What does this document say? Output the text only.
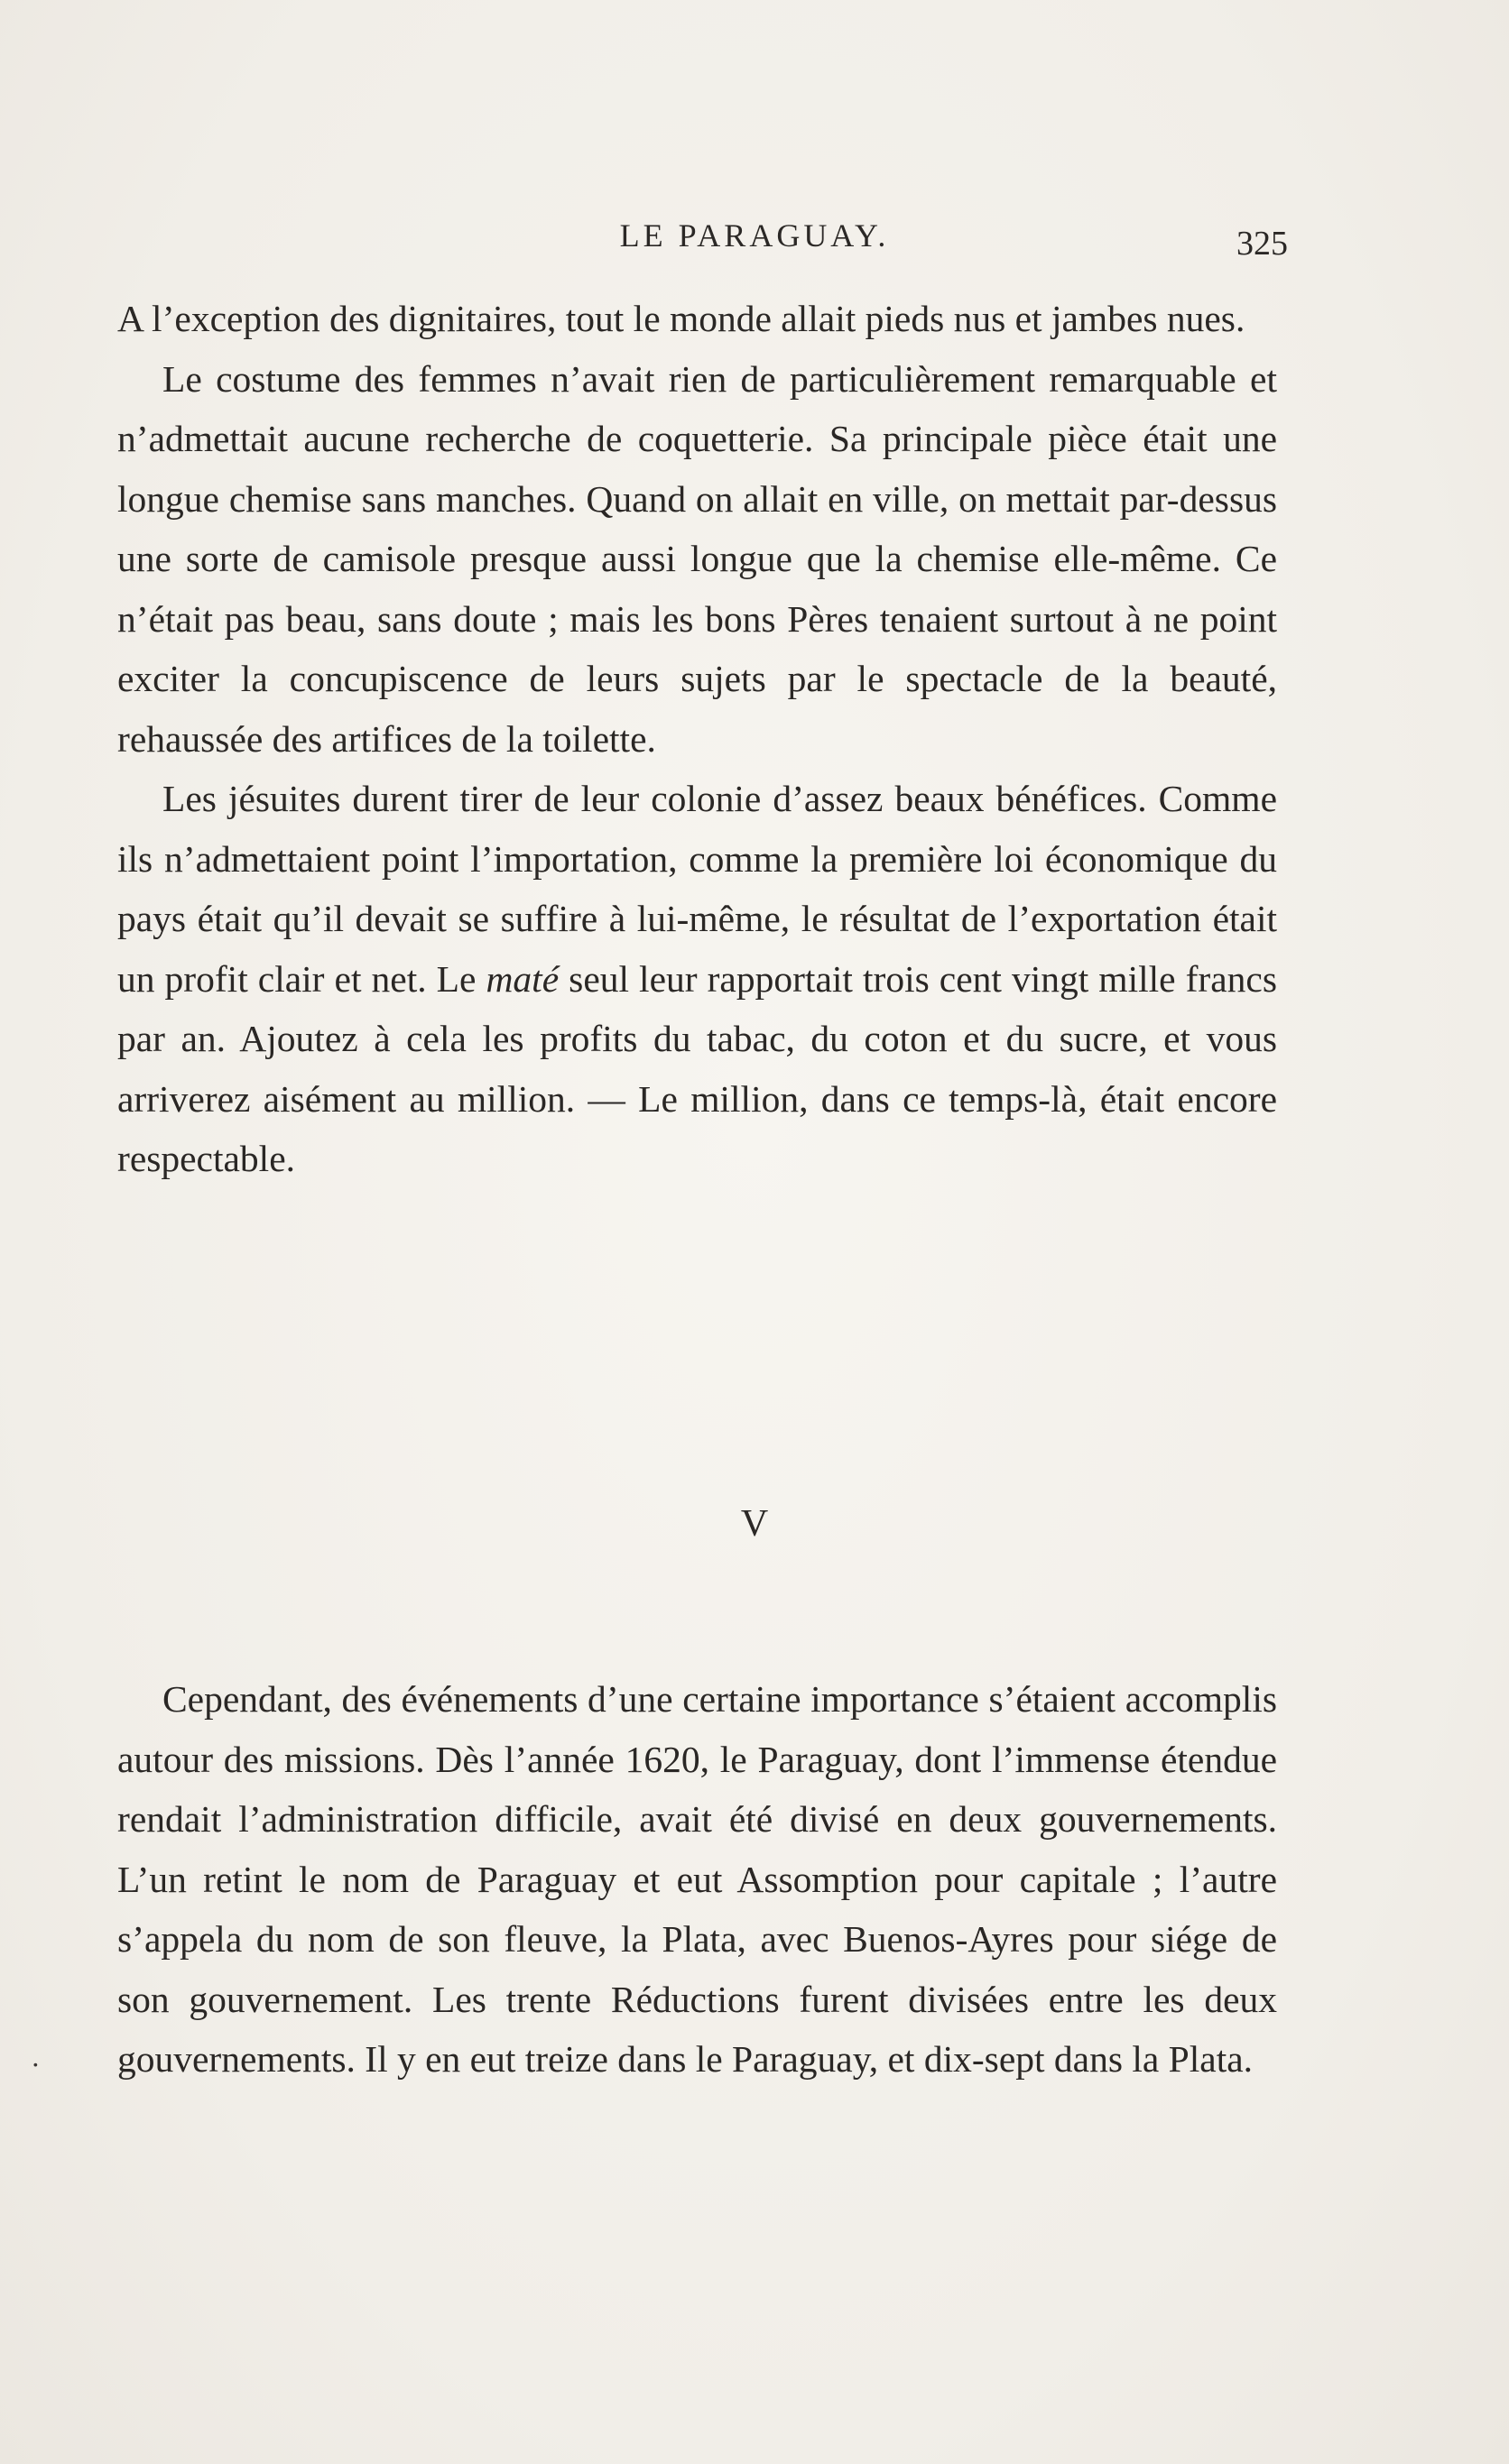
LE PARAGUAY.	325

A l’exception des dignitaires, tout le monde allait pieds nus et jambes nues.

Le costume des femmes n’avait rien de particulièrement remarquable et n’admettait aucune recherche de coquetterie. Sa principale pièce était une longue chemise sans manches. Quand on allait en ville, on mettait par-dessus une sorte de camisole presque aussi longue que la chemise elle-même. Ce n’était pas beau, sans doute ; mais les bons Pères tenaient surtout à ne point exciter la concupiscence de leurs sujets par le spectacle de la beauté, rehaussée des artifices de la toilette.

Les jésuites durent tirer de leur colonie d’assez beaux bénéfices. Comme ils n’admettaient point l’importation, comme la première loi économique du pays était qu’il devait se suffire à lui-même, le résultat de l’exportation était un profit clair et net. Le maté seul leur rapportait trois cent vingt mille francs par an. Ajoutez à cela les profits du tabac, du coton et du sucre, et vous arriverez aisément au million. — Le million, dans ce temps-là, était encore respectable.

V

Cependant, des événements d’une certaine importance s’étaient accomplis autour des missions. Dès l’année 1620, le Paraguay, dont l’immense étendue rendait l’administration difficile, avait été divisé en deux gouvernements. L’un retint le nom de Paraguay et eut Assomption pour capitale ; l’autre s’appela du nom de son fleuve, la Plata, avec Buenos-Ayres pour siége de son gouvernement. Les trente Réductions furent divisées entre les deux gouvernements. Il y en eut treize dans le Paraguay, et dix-sept dans la Plata.

·
